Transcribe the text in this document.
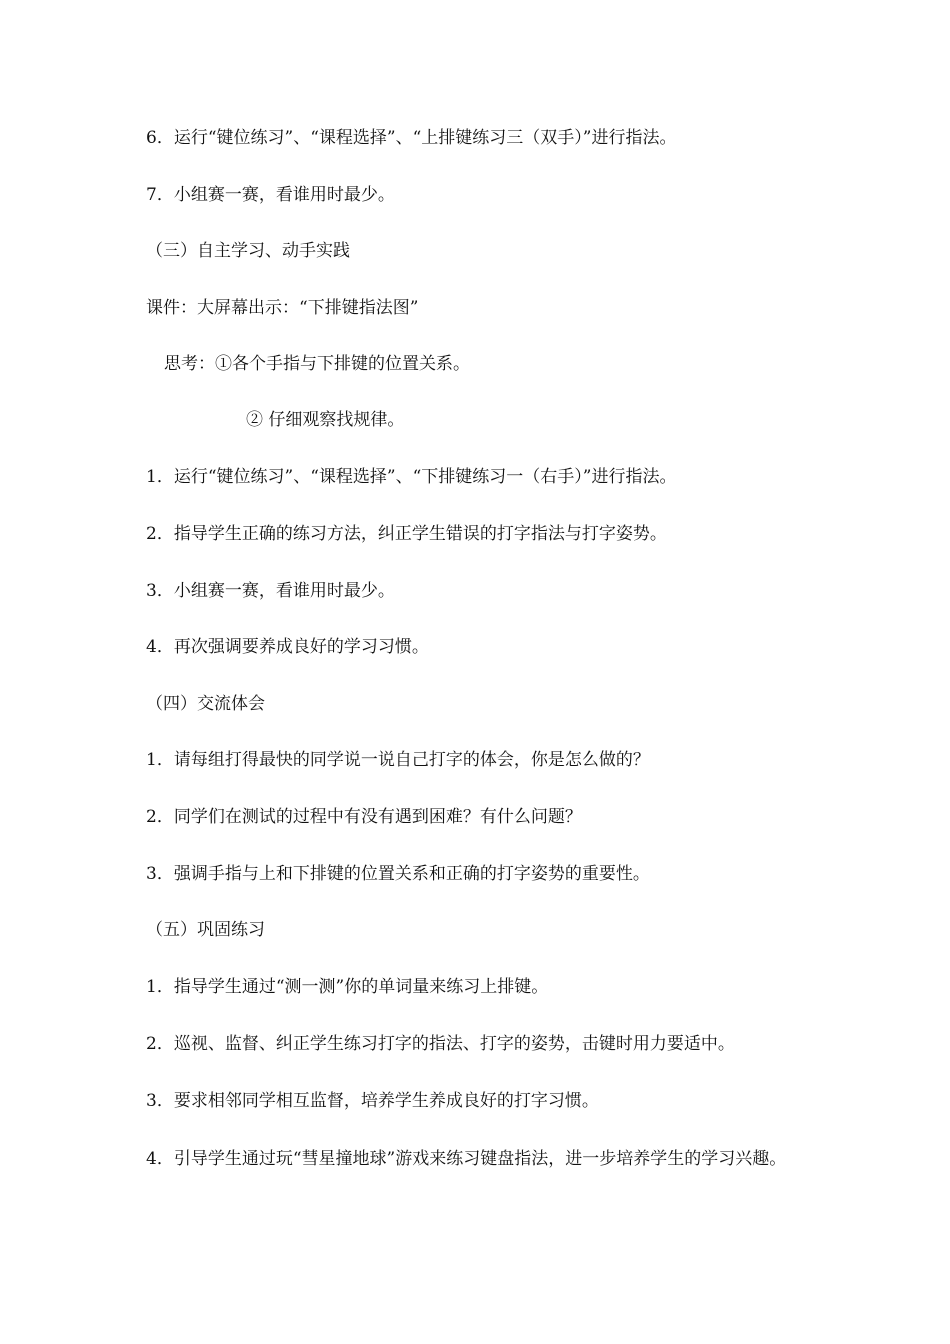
6．运行“键位练习”、“课程选择”、“上排键练习三（双手）”进行指法。
7．小组赛一赛，看谁用时最少。
（三）自主学习、动手实践
课件：大屏幕出示：“下排键指法图”
思考：①各个手指与下排键的位置关系。
② 仔细观察找规律。
1．运行“键位练习”、“课程选择”、“下排键练习一（右手）”进行指法。
2．指导学生正确的练习方法，纠正学生错误的打字指法与打字姿势。
3．小组赛一赛，看谁用时最少。
4．再次强调要养成良好的学习习惯。
（四）交流体会
1．请每组打得最快的同学说一说自己打字的体会，你是怎么做的？
2．同学们在测试的过程中有没有遇到困难？有什么问题？
3．强调手指与上和下排键的位置关系和正确的打字姿势的重要性。
（五）巩固练习
1．指导学生通过“测一测”你的单词量来练习上排键。
2．巡视、监督、纠正学生练习打字的指法、打字的姿势，击键时用力要适中。
3．要求相邻同学相互监督，培养学生养成良好的打字习惯。
4．引导学生通过玩“彗星撞地球”游戏来练习键盘指法，进一步培养学生的学习兴趣。
